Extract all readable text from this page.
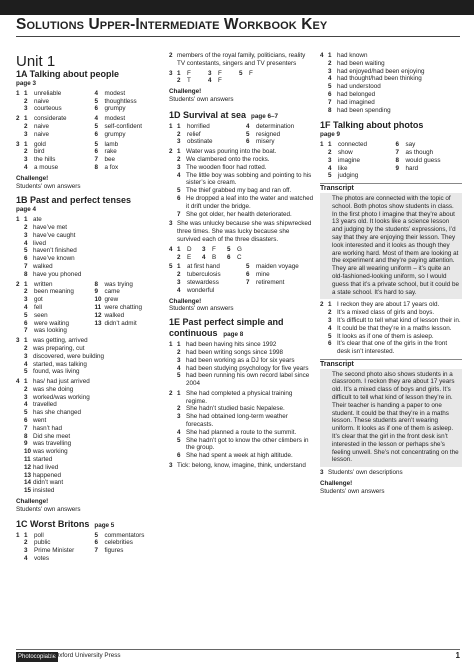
Solutions Upper-Intermediate Workbook Key
Unit 1
1A Talking about people
page 3
1 1	unreliable	4	modest
2	naive	5	thoughtless
3	courteous	6	grumpy
2 1	considerate	4	modest
2	naive	5	self-confident
3	naive	6	grumpy
3 1	gold	5	lamb
2	bird	6	rake
3	the hills	7	bee
4	a mouse	8	a fox
Challenge!
Students' own answers
1B Past and perfect tenses
page 4
1 1 ate
2 have’ve met
3 have’ve caught
4 lived
5 haven’t finished
6 have’ve known
7 walked
8 have you phoned
2 1	written	8	was trying
2	been meaning	9	came
3	got	10 grew
4	fell	11 were chatting
5	seen	12 walked
6	were waiting	13 didn’t admit
7	was looking
3 1 was getting, arrived
2 was preparing, cut
3 discovered, were building
4 started, was talking
5 found, was living
4 1 has/ had just arrived
2 was she doing
3 worked/was working
4 travelled
5 has she changed
6 went
7 hasn’t had
8 Did she meet
9 was travelling
10 was working
11 started
12 had lived
13 happened
14 didn’t want
15 insisted
Challenge!
Students' own answers
1C Worst Britons page 5
1 1	poll	5	commentators
2	public	6	celebrities
3	Prime Minister	7	figures
4	votes
2 members of the royal family, politicians, reality TV contestants, singers and TV presenters
3 1	F	3	F	5	F
2	T	4	F
Challenge!
Students' own answers
1D Survival at sea page 6–7
1 1	horrified	4	determination
2	relief	5	resigned
3	obstinate	6	misery
2 1 Water was pouring into the boat.
2 We clambered onto the rocks.
3 The wooden floor had rotted.
4 The little boy was sobbing and pointing to his sister’s ice cream.
5 The thief grabbed my bag and ran off.
6 He dropped a leaf into the water and watched it drift under the bridge.
7 She got older, her health deteriorated.
3 She was unlucky because she was shipwrecked three times. She was lucky because she survived each of the three disasters.
4 1	D	3	F	5	G
2	E	4	B	6	C
5 1	at first hand	5	maiden voyage
2	tuberculosis	6	mine
3	stewardess	7	retirement
4	wonderful
Challenge!
Students' own answers
1E Past perfect simple and continuous page 8
1 1 had been having hits since 1992
2 had been writing songs since 1998
3 had been working as a DJ for six years
4 had been studying psychology for five years
5 had been running his own record label since 2004
2 1 She had completed a physical training regime.
2 She hadn’t studied basic Nepalese.
3 She had obtained long-term weather forecasts.
4 She had planned a route to the summit.
5 She hadn’t got to know the other climbers in the group.
6 She had spent a week at high altitude.
3 Tick: belong, know, imagine, think, understand
4 1 had known
2 had been waiting
3 had enjoyed/had been enjoying
4 had thought/had been thinking
5 had understood
6 had belonged
7 had imagined
8 had been spending
1F Talking about photos
page 9
1 1	connected	6	say
2	show	7	as though
3	imagine	8	would guess
4	like	9	hard
5	judging
Transcript
The photos are connected with the topic of school. Both photos show students in class. In the first photo I imagine that they’re about 13 years old. It looks like a science lesson and judging by the students’ expressions, I’d say that they are enjoying their lesson. They look interested and it looks as though they are working hard. Most of them are looking at the experiment and they’re paying attention. They are all wearing uniform – it’s quite an old-fashioned-looking uniform, so I would guess that it’s a private school, but it could be a state school. It’s hard to say.
2 1 I reckon they are about 17 years old.
2 It’s a mixed class of girls and boys.
3 It’s difficult to tell what kind of lesson their in.
4 It could be that they’re in a maths lesson.
5 It looks as if one of them is asleep.
6 It’s clear that one of the girls in the front desk isn’t interested.
Transcript
The second photo also shows students in a classroom. I reckon they are about 17 years old. It’s a mixed class of boys and girls. It’s difficult to tell what kind of lesson they’re in. Their teacher is handing a paper to one student. It could be that they’re in a maths lesson. These students aren’t wearing uniform. It looks as if one of them is asleep. It’s clear that the girl in the front desk isn’t interested in the lesson or perhaps she’s feeling unwell. She’s not concentrating on the lesson.
3 Students’ own descriptions
Challenge!
Students’ own answers
Photocopiable
© Oxford University Press	1
